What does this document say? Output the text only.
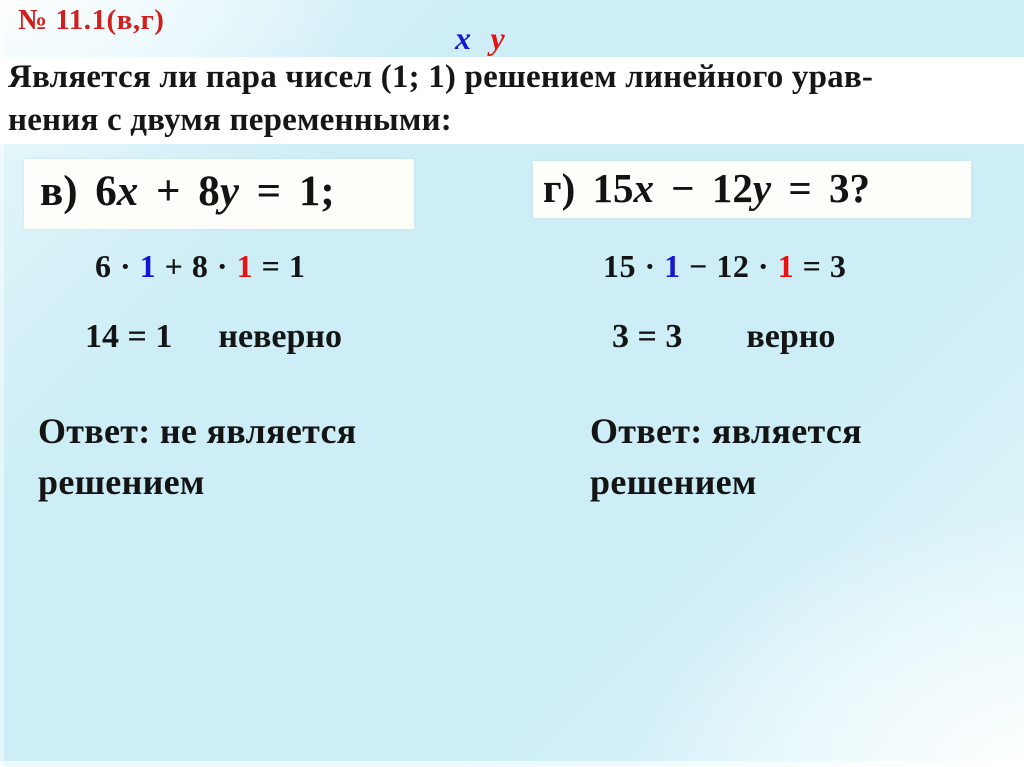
№ 11.1(в,г)	x y
Является ли пара чисел (1; 1) решением линейного урав-
нения с двумя переменными:
в) 6x + 8y = 1;	г) 15x − 12y = 3?
6 · 1 + 8 · 1 = 1	15 · 1 − 12 · 1 = 3
14 = 1 неверно	3 = 3 верно
Ответ: не является
решением
Ответ: является
решением
